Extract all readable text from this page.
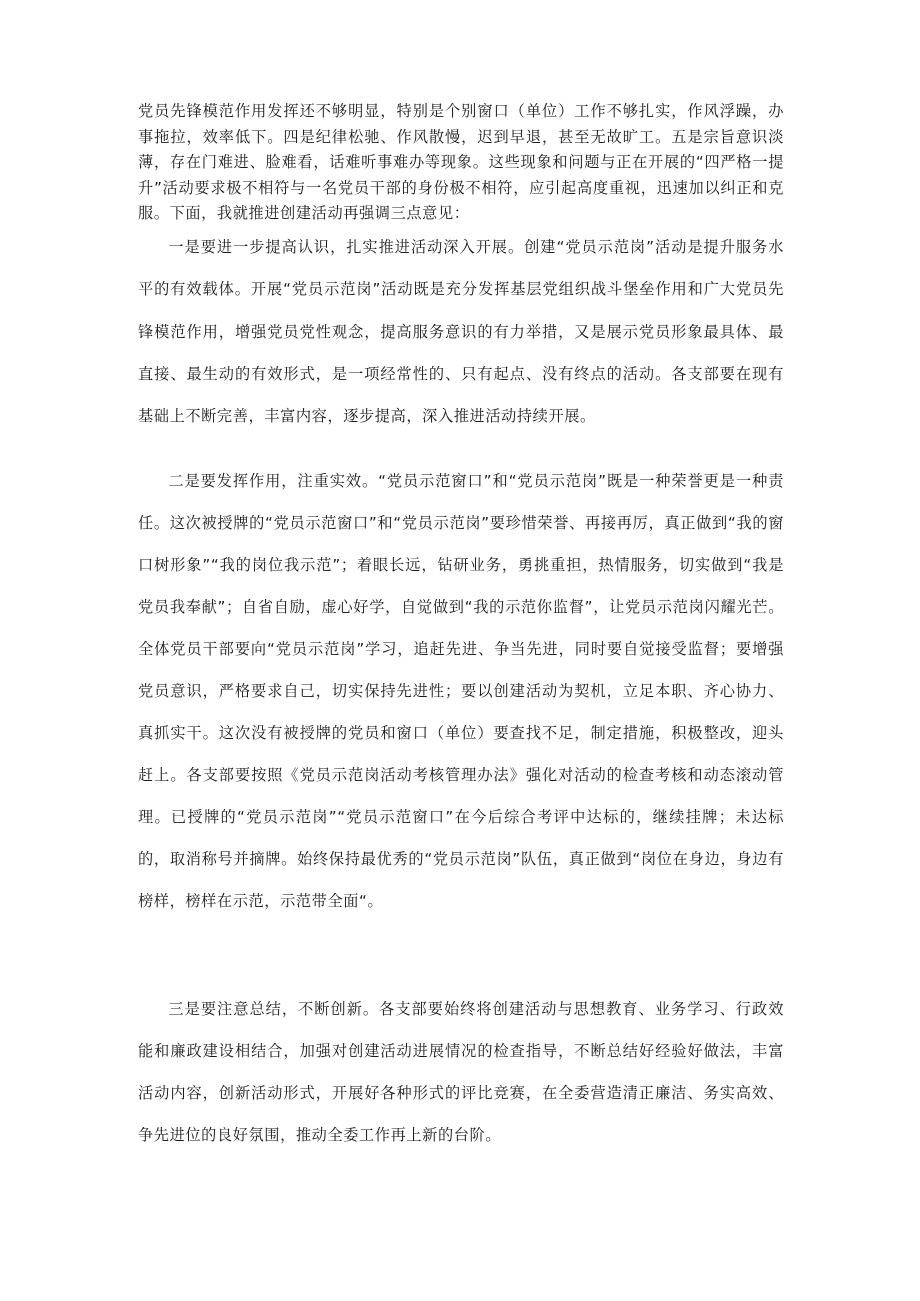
党员先锋模范作用发挥还不够明显，特别是个别窗口（单位）工作不够扎实，作风浮躁，办事拖拉，效率低下。四是纪律松驰、作风散慢，迟到早退，甚至无故旷工。五是宗旨意识淡薄，存在门难进、脸难看，话难听事难办等现象。这些现象和问题与正在开展的“四严格一提升”活动要求极不相符与一名党员干部的身份极不相符，应引起高度重视，迅速加以纠正和克服。下面，我就推进创建活动再强调三点意见：

一是要进一步提高认识，扎实推进活动深入开展。创建“党员示范岗”活动是提升服务水平的有效载体。开展“党员示范岗”活动既是充分发挥基层党组织战斗堡垒作用和广大党员先锋模范作用，增强党员党性观念，提高服务意识的有力举措，又是展示党员形象最具体、最直接、最生动的有效形式，是一项经常性的、只有起点、没有终点的活动。各支部要在现有基础上不断完善，丰富内容，逐步提高，深入推进活动持续开展。

二是要发挥作用，注重实效。“党员示范窗口”和“党员示范岗”既是一种荣誉更是一种责任。这次被授牌的“党员示范窗口”和“党员示范岗”要珍惜荣誉、再接再厉，真正做到“我的窗口树形象”“我的岗位我示范”；着眼长远，钻研业务，勇挑重担，热情服务，切实做到“我是党员我奉献”；自省自励，虚心好学，自觉做到“我的示范你监督”，让党员示范岗闪耀光芒。全体党员干部要向“党员示范岗”学习，追赶先进、争当先进，同时要自觉接受监督；要增强党员意识，严格要求自己，切实保持先进性；要以创建活动为契机，立足本职、齐心协力、真抓实干。这次没有被授牌的党员和窗口（单位）要查找不足，制定措施，积极整改，迎头赶上。各支部要按照《党员示范岗活动考核管理办法》强化对活动的检查考核和动态滚动管理。已授牌的“党员示范岗”“党员示范窗口”在今后综合考评中达标的，继续挂牌；未达标的，取消称号并摘牌。始终保持最优秀的“党员示范岗”队伍，真正做到“岗位在身边，身边有榜样，榜样在示范，示范带全面“。

三是要注意总结，不断创新。各支部要始终将创建活动与思想教育、业务学习、行政效能和廉政建设相结合，加强对创建活动进展情况的检查指导，不断总结好经验好做法，丰富活动内容，创新活动形式，开展好各种形式的评比竞赛，在全委营造清正廉洁、务实高效、争先进位的良好氛围，推动全委工作再上新的台阶。
